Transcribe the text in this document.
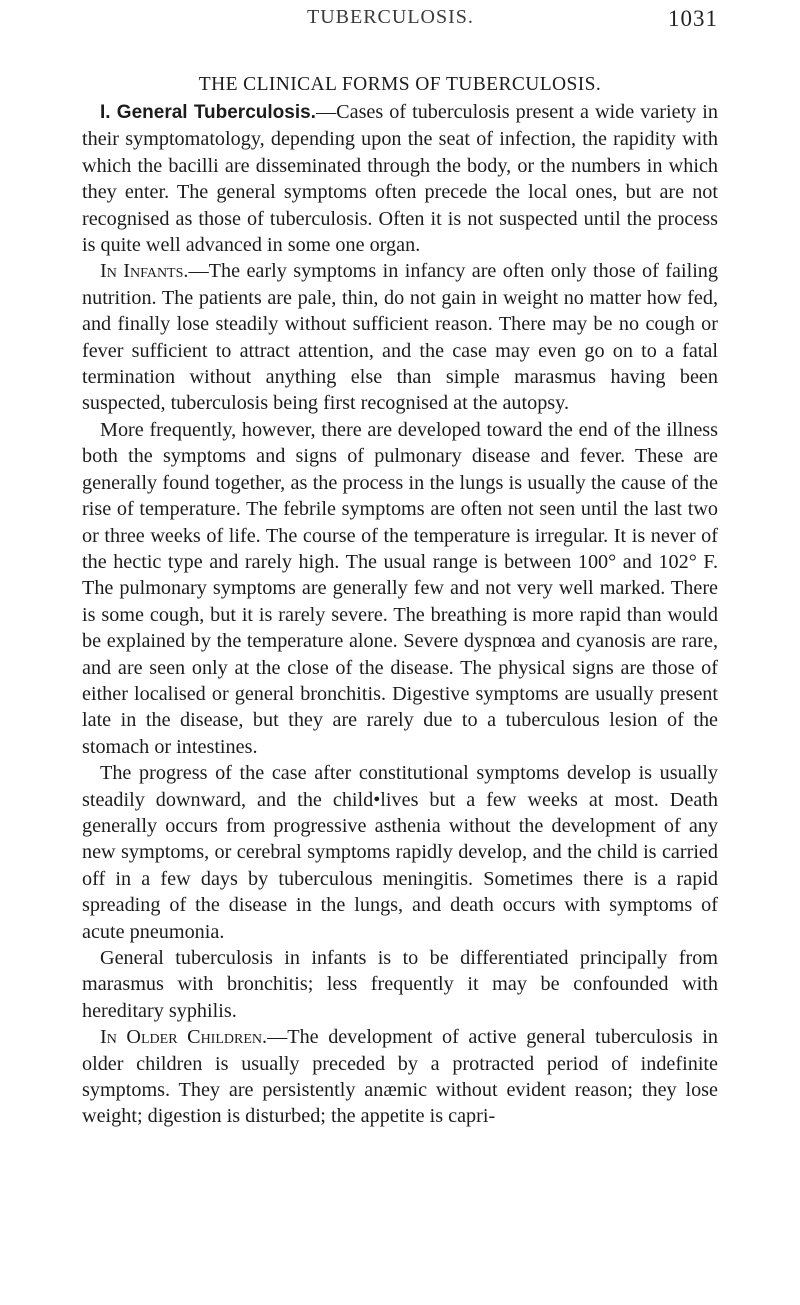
TUBERCULOSIS.	1031
THE CLINICAL FORMS OF TUBERCULOSIS.

I. General Tuberculosis.—Cases of tuberculosis present a wide variety in their symptomatology, depending upon the seat of infection, the rapidity with which the bacilli are disseminated through the body, or the numbers in which they enter. The general symptoms often precede the local ones, but are not recognised as those of tuberculosis. Often it is not suspected until the process is quite well advanced in some one organ.

In Infants.—The early symptoms in infancy are often only those of failing nutrition. The patients are pale, thin, do not gain in weight no matter how fed, and finally lose steadily without sufficient reason. There may be no cough or fever sufficient to attract attention, and the case may even go on to a fatal termination without anything else than simple marasmus having been suspected, tuberculosis being first recognised at the autopsy.

More frequently, however, there are developed toward the end of the illness both the symptoms and signs of pulmonary disease and fever. These are generally found together, as the process in the lungs is usually the cause of the rise of temperature. The febrile symptoms are often not seen until the last two or three weeks of life. The course of the temperature is irregular. It is never of the hectic type and rarely high. The usual range is between 100° and 102° F. The pulmonary symptoms are generally few and not very well marked. There is some cough, but it is rarely severe. The breathing is more rapid than would be explained by the temperature alone. Severe dyspnœa and cyanosis are rare, and are seen only at the close of the disease. The physical signs are those of either localised or general bronchitis. Digestive symptoms are usually present late in the disease, but they are rarely due to a tuberculous lesion of the stomach or intestines.

The progress of the case after constitutional symptoms develop is usually steadily downward, and the child•lives but a few weeks at most. Death generally occurs from progressive asthenia without the development of any new symptoms, or cerebral symptoms rapidly develop, and the child is carried off in a few days by tuberculous meningitis. Sometimes there is a rapid spreading of the disease in the lungs, and death occurs with symptoms of acute pneumonia.

General tuberculosis in infants is to be differentiated principally from marasmus with bronchitis; less frequently it may be confounded with hereditary syphilis.

In Older Children.—The development of active general tuberculosis in older children is usually preceded by a protracted period of indefinite symptoms. They are persistently anæmic without evident reason; they lose weight; digestion is disturbed; the appetite is capri-
